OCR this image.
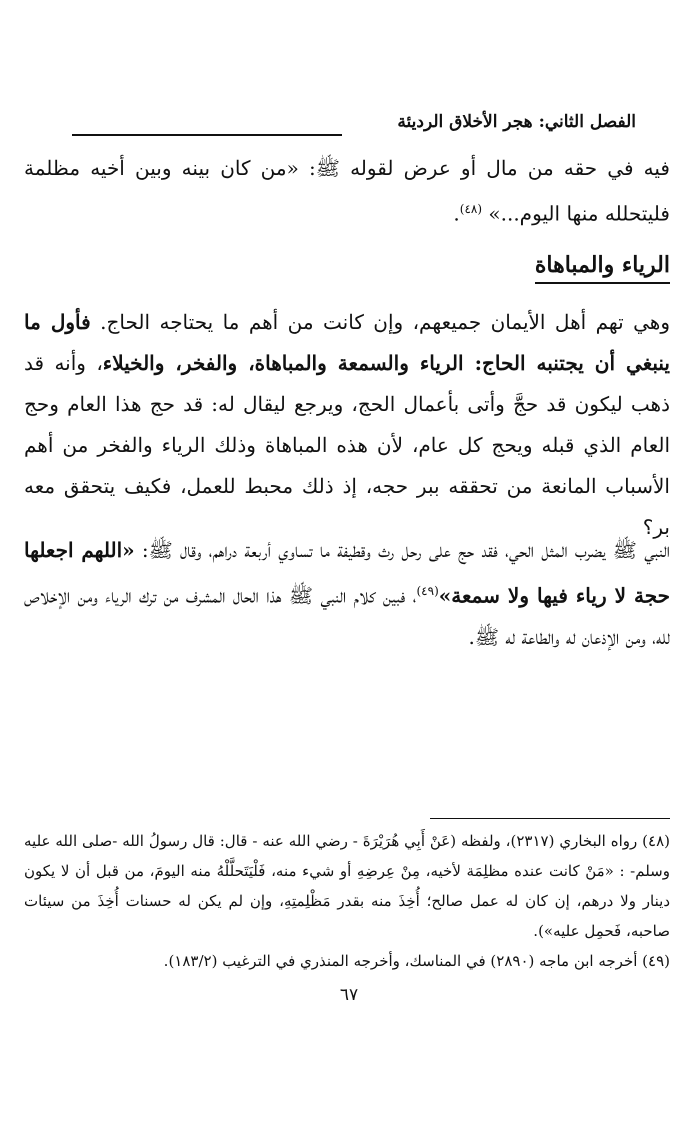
الفصل الثاني: هجر الأخلاق الرديئة

فيه في حقه من مال أو عرض لقوله ﷺ: «من كان بينه وبين أخيه مظلمة فليتحلله منها اليوم...» $^{(٤٨)}$.

الرياء والمباهاة

وهي تهم أهل الأيمان جميعهم، وإن كانت من أهم ما يحتاجه الحاج. فأول ما ينبغي أن يجتنبه الحاج: الرياء والسمعة والمباهاة، والفخر، والخيلاء، وأنه قد ذهب ليكون قد حجَّ وأتى بأعمال الحج، ويرجع ليقال له: قد حج هذا العام وحج العام الذي قبله ويحج كل عام، لأن هذه المباهاة وذلك الرياء والفخر من أهم الأسباب المانعة من تحققه ببر حجه، إذ ذلك محبط للعمل، فكيف يتحقق معه بر؟

النبي ﷺ يضرب المثل الحي، فقد حج على رحل رث وقطيفة ما تساوي أربعة دراهم، وقال ﷺ: «اللهم اجعلها حجة لا رياء فيها ولا سمعة»$^{(٤٩)}$، فبين كلام النبي ﷺ هذا الحال المشرف من ترك الرياء ومن الإخلاص لله، ومن الإذعان له والطاعة له ﷺ.

(٤٨) رواه البخاري (٢٣١٧)، ولفظه (عَنْ أَبِي هُرَيْرَةَ - رضي الله عنه - قال: قال رسولُ الله -صلى الله عليه وسلم- : «مَنْ كانت عنده مظلِمَة لأخيه، مِنْ عِرضِهِ أو شيء منه، فَلْيَتَحلَّلْهُ منه اليومَ، من قبل أن لا يكون دينار ولا درهم، إن كان له عمل صالح؛ أُخِذَ منه بقدر مَظْلِمتِهِ، وإن لم يكن له حسنات أُخِذَ من سيئات صاحبه، فَحمِل عليه»).

(٤٩) أخرجه ابن ماجه (٢٨٩٠) في المناسك، وأخرجه المنذري في الترغيب (١٨٣/٢).

٦٧
